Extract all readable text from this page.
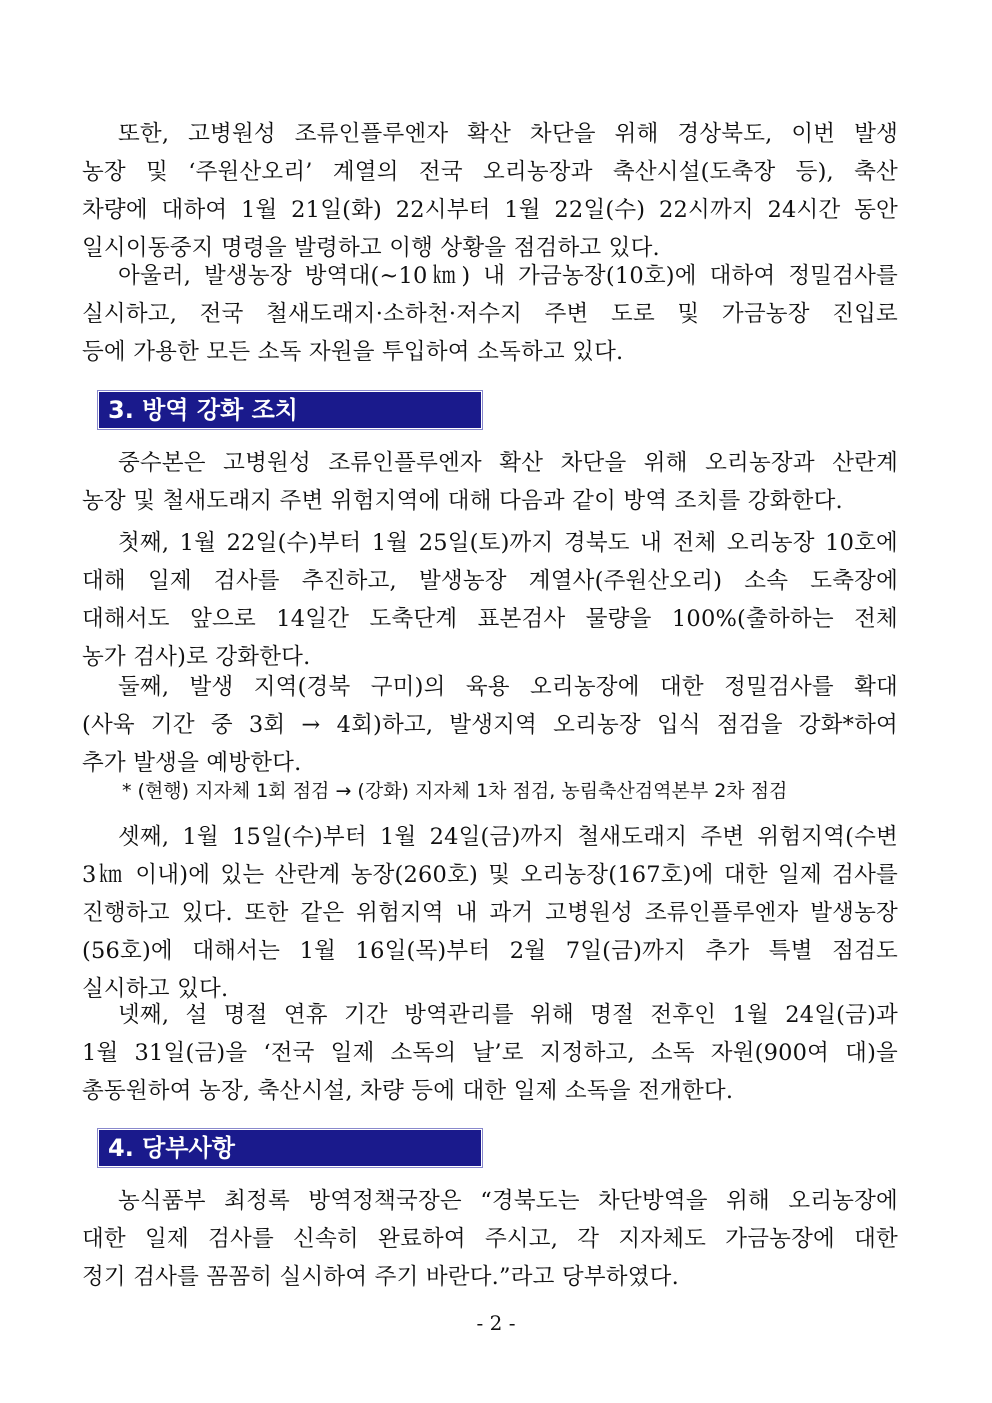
또한, 고병원성 조류인플루엔자 확산 차단을 위해 경상북도, 이번 발생
농장 및 ‘주원산오리’ 계열의 전국 오리농장과 축산시설(도축장 등), 축산
차량에 대하여 1월 21일(화) 22시부터 1월 22일(수) 22시까지 24시간 동안
일시이동중지 명령을 발령하고 이행 상황을 점검하고 있다.
아울러, 발생농장 방역대(~10㎞) 내 가금농장(10호)에 대하여 정밀검사를
실시하고, 전국 철새도래지·소하천·저수지 주변 도로 및 가금농장 진입로
등에 가용한 모든 소독 자원을 투입하여 소독하고 있다.
3. 방역 강화 조치
중수본은 고병원성 조류인플루엔자 확산 차단을 위해 오리농장과 산란계
농장 및 철새도래지 주변 위험지역에 대해 다음과 같이 방역 조치를 강화한다.
첫째, 1월 22일(수)부터 1월 25일(토)까지 경북도 내 전체 오리농장 10호에
대해 일제 검사를 추진하고, 발생농장 계열사(주원산오리) 소속 도축장에
대해서도 앞으로 14일간 도축단계 표본검사 물량을 100%(출하하는 전체
농가 검사)로 강화한다.
둘째, 발생 지역(경북 구미)의 육용 오리농장에 대한 정밀검사를 확대
(사육 기간 중 3회 → 4회)하고, 발생지역 오리농장 입식 점검을 강화*하여
추가 발생을 예방한다.
* (현행) 지자체 1회 점검 → (강화) 지자체 1차 점검, 농림축산검역본부 2차 점검
셋째, 1월 15일(수)부터 1월 24일(금)까지 철새도래지 주변 위험지역(수변
3㎞ 이내)에 있는 산란계 농장(260호) 및 오리농장(167호)에 대한 일제 검사를
진행하고 있다. 또한 같은 위험지역 내 과거 고병원성 조류인플루엔자 발생농장
(56호)에 대해서는 1월 16일(목)부터 2월 7일(금)까지 추가 특별 점검도
실시하고 있다.
넷째, 설 명절 연휴 기간 방역관리를 위해 명절 전후인 1월 24일(금)과
1월 31일(금)을 ‘전국 일제 소독의 날’로 지정하고, 소독 자원(900여 대)을
총동원하여 농장, 축산시설, 차량 등에 대한 일제 소독을 전개한다.
4. 당부사항
농식품부 최정록 방역정책국장은 “경북도는 차단방역을 위해 오리농장에
대한 일제 검사를 신속히 완료하여 주시고, 각 지자체도 가금농장에 대한
정기 검사를 꼼꼼히 실시하여 주기 바란다.”라고 당부하였다.
- 2 -
